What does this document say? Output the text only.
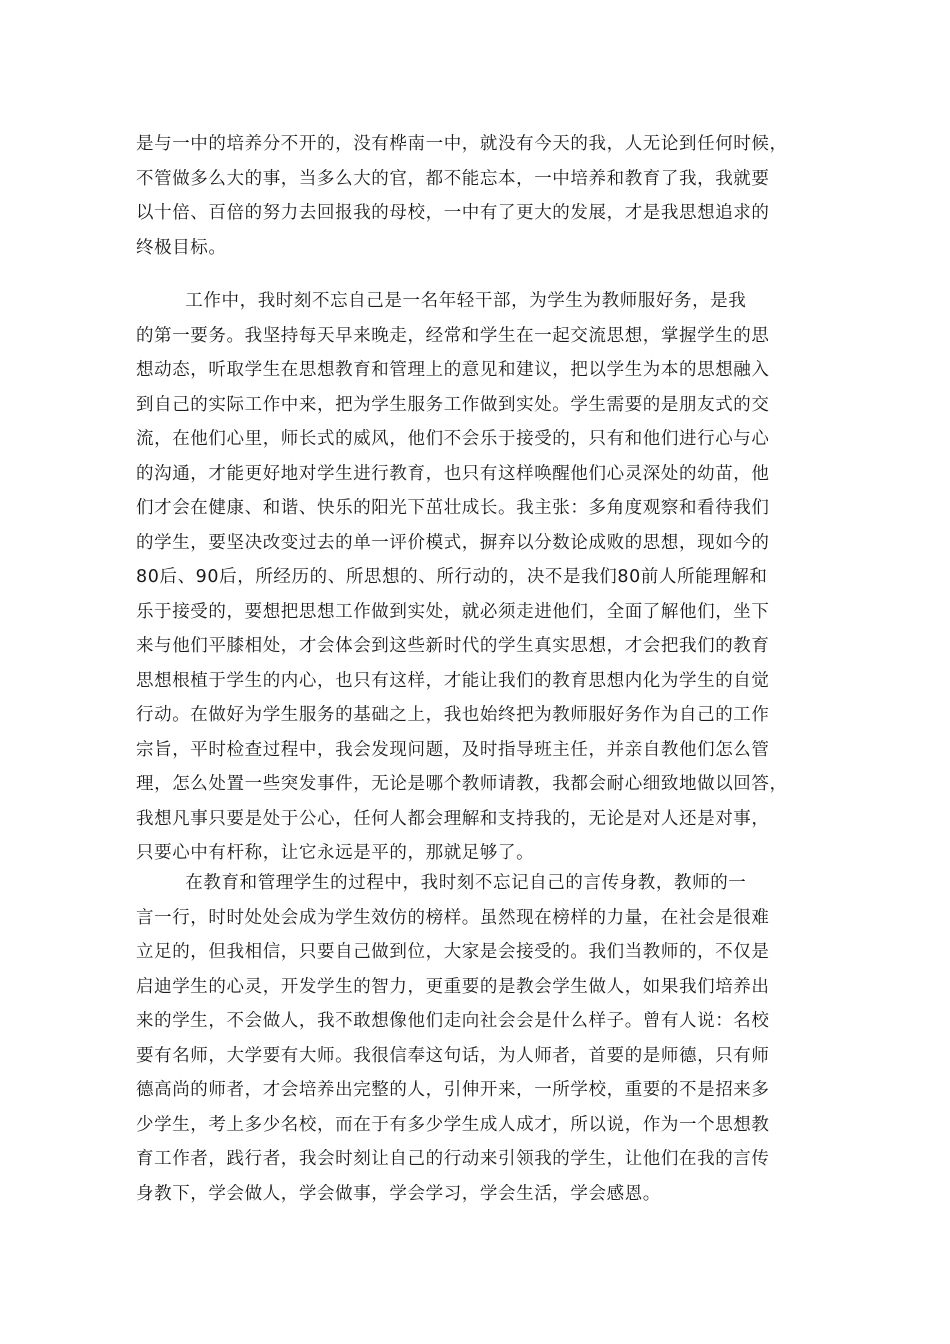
是与一中的培养分不开的，没有桦南一中，就没有今天的我，人无论到任何时候，
不管做多么大的事，当多么大的官，都不能忘本，一中培养和教育了我，我就要
以十倍、百倍的努力去回报我的母校，一中有了更大的发展，才是我思想追求的
终极目标。
工作中，我时刻不忘自己是一名年轻干部，为学生为教师服好务，是我
的第一要务。我坚持每天早来晚走，经常和学生在一起交流思想，掌握学生的思
想动态，听取学生在思想教育和管理上的意见和建议，把以学生为本的思想融入
到自己的实际工作中来，把为学生服务工作做到实处。学生需要的是朋友式的交
流，在他们心里，师长式的威风，他们不会乐于接受的，只有和他们进行心与心
的沟通，才能更好地对学生进行教育，也只有这样唤醒他们心灵深处的幼苗，他
们才会在健康、和谐、快乐的阳光下茁壮成长。我主张：多角度观察和看待我们
的学生，要坚决改变过去的单一评价模式，摒弃以分数论成败的思想，现如今的
80后、90后，所经历的、所思想的、所行动的，决不是我们80前人所能理解和
乐于接受的，要想把思想工作做到实处，就必须走进他们，全面了解他们，坐下
来与他们平膝相处，才会体会到这些新时代的学生真实思想，才会把我们的教育
思想根植于学生的内心，也只有这样，才能让我们的教育思想内化为学生的自觉
行动。在做好为学生服务的基础之上，我也始终把为教师服好务作为自己的工作
宗旨，平时检查过程中，我会发现问题，及时指导班主任，并亲自教他们怎么管
理，怎么处置一些突发事件，无论是哪个教师请教，我都会耐心细致地做以回答，
我想凡事只要是处于公心，任何人都会理解和支持我的，无论是对人还是对事，
只要心中有杆称，让它永远是平的，那就足够了。
在教育和管理学生的过程中，我时刻不忘记自己的言传身教，教师的一
言一行，时时处处会成为学生效仿的榜样。虽然现在榜样的力量，在社会是很难
立足的，但我相信，只要自己做到位，大家是会接受的。我们当教师的，不仅是
启迪学生的心灵，开发学生的智力，更重要的是教会学生做人，如果我们培养出
来的学生，不会做人，我不敢想像他们走向社会会是什么样子。曾有人说：名校
要有名师，大学要有大师。我很信奉这句话，为人师者，首要的是师德，只有师
德高尚的师者，才会培养出完整的人，引伸开来，一所学校，重要的不是招来多
少学生，考上多少名校，而在于有多少学生成人成才，所以说，作为一个思想教
育工作者，践行者，我会时刻让自己的行动来引领我的学生，让他们在我的言传
身教下，学会做人，学会做事，学会学习，学会生活，学会感恩。
